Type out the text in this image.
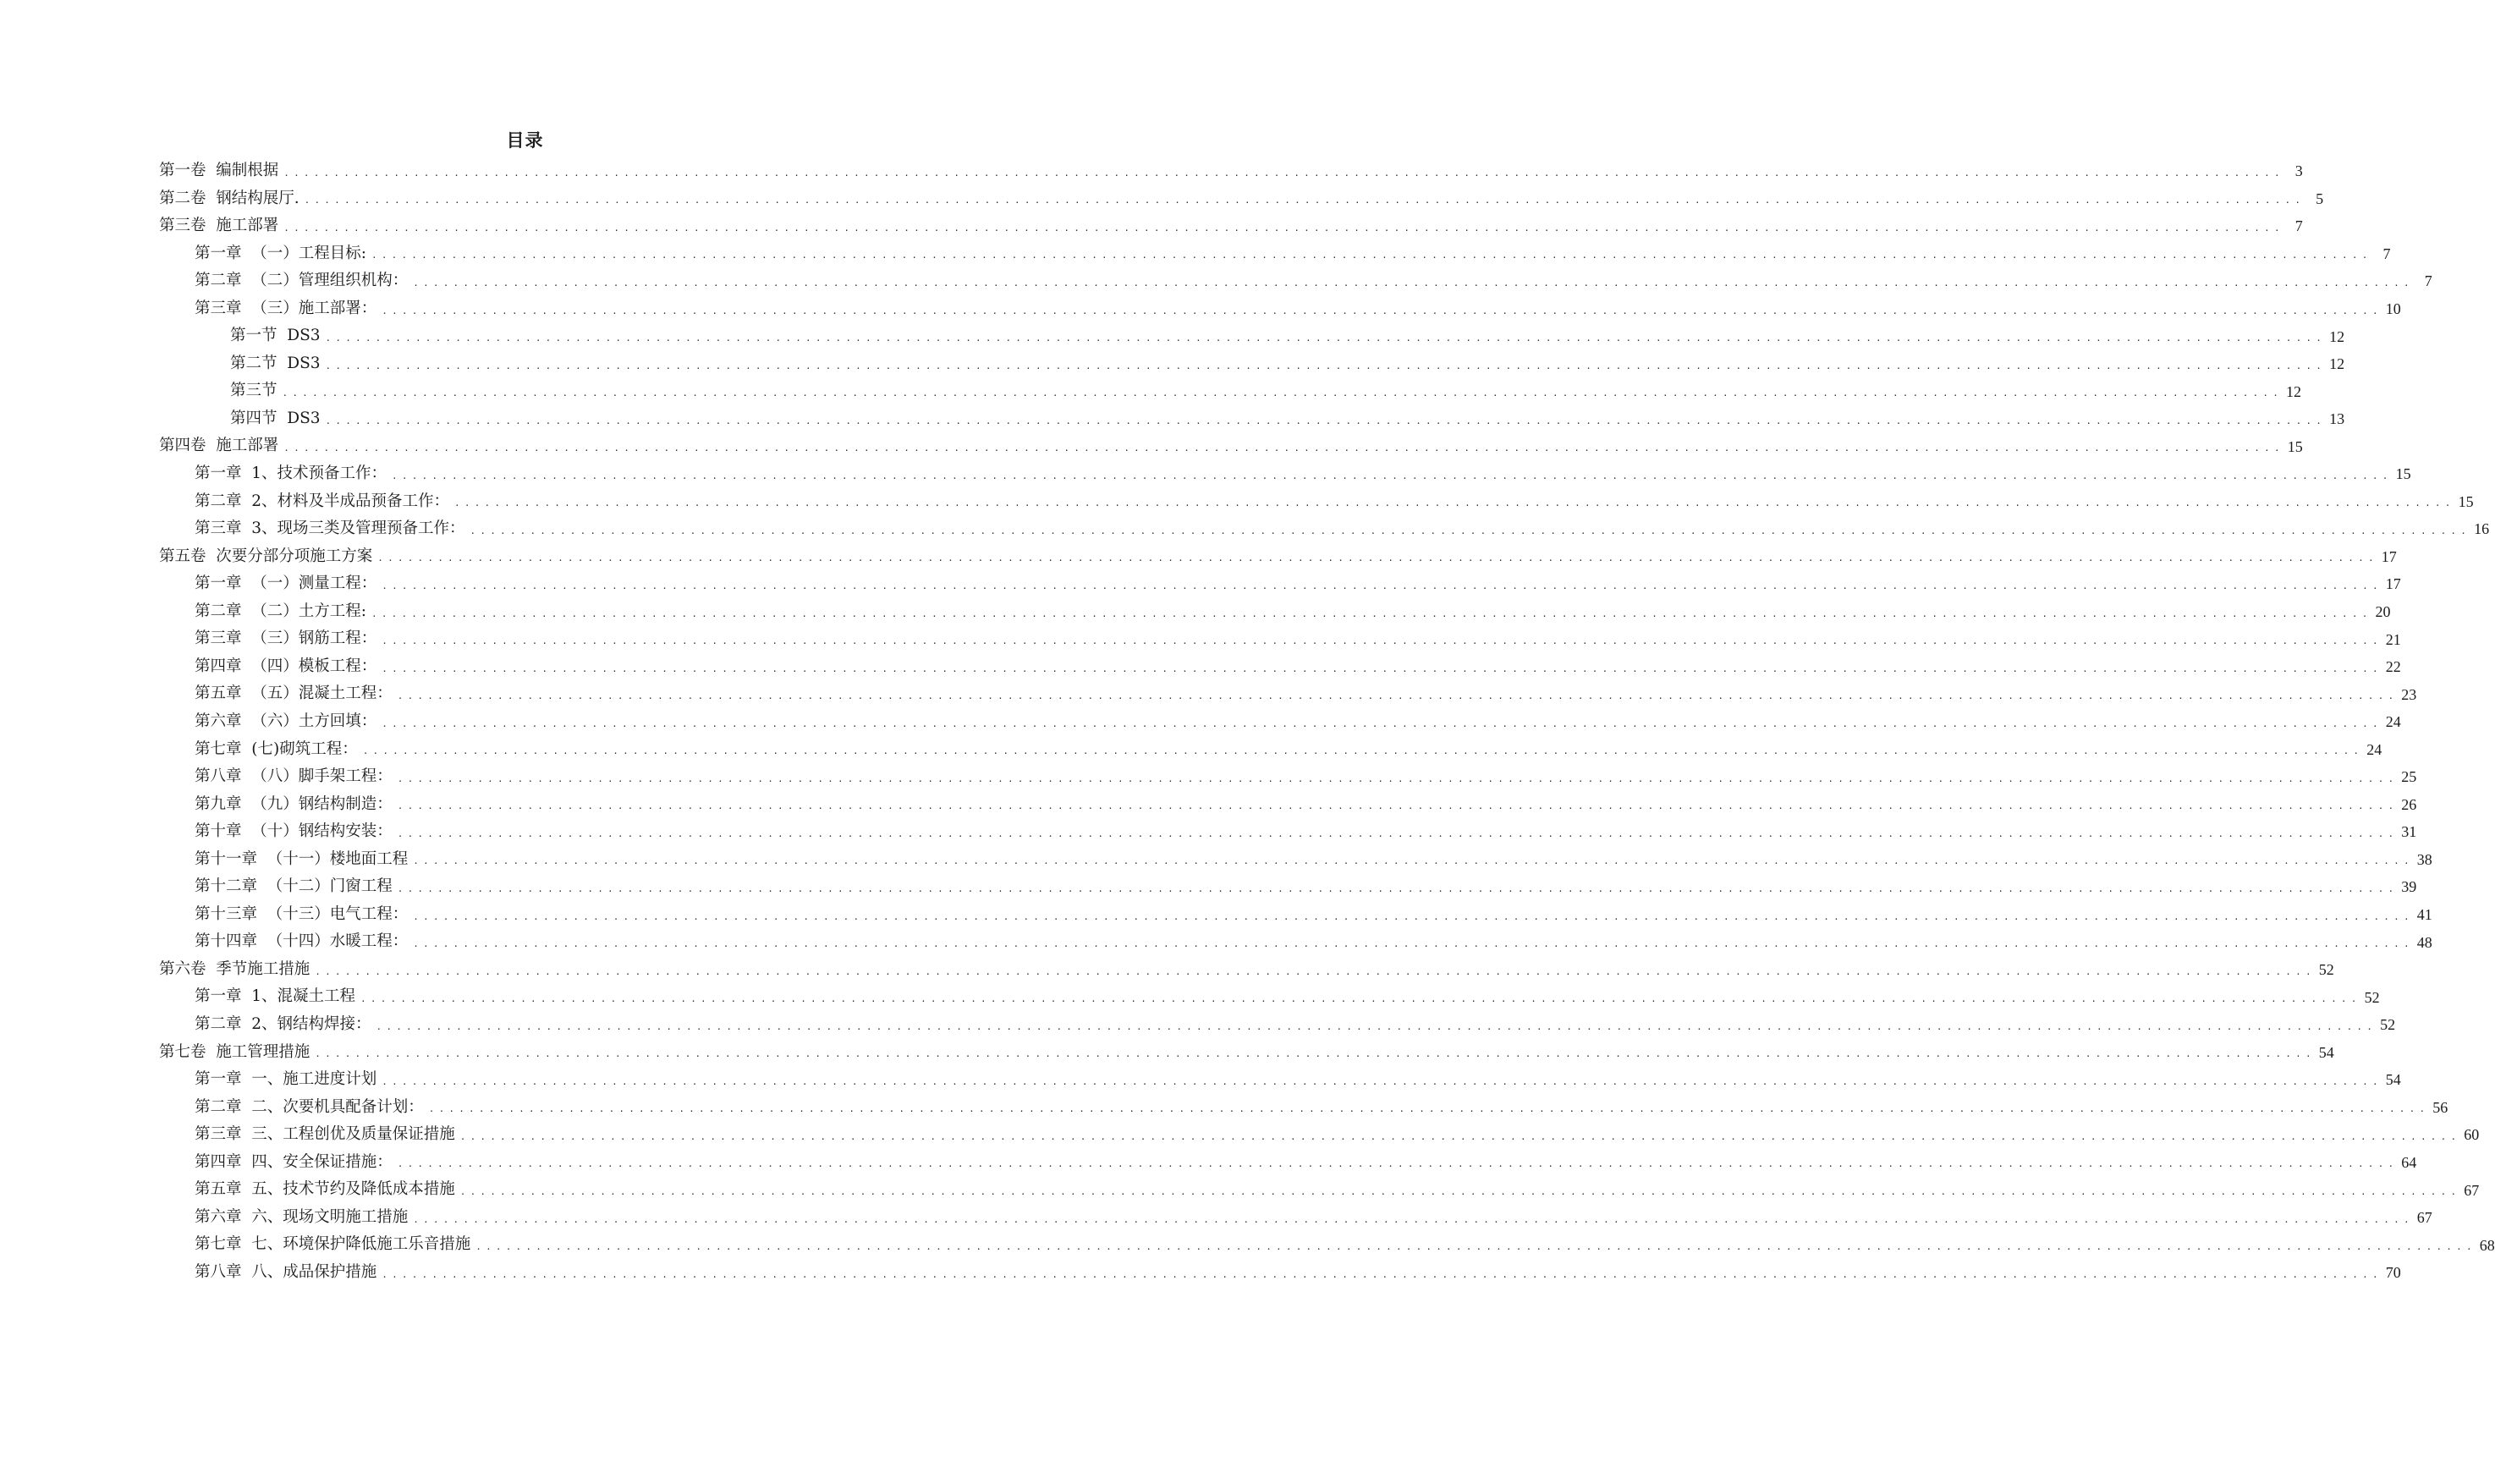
目录
第一卷  编制根据 ........................................................................................................................................................................................................ 3
第二卷  钢结构展厅. ........................................................................................................................................................................................................ 5
第三卷  施工部署 ........................................................................................................................................................................................................ 7
第一章  （一）工程目标: ........................................................................................................................................................................................................ 7
第二章  （二）管理组织机构： ........................................................................................................................................................................................................ 7
第三章  （三）施工部署： ........................................................................................................................................................................................................ 10
第一节  DS3 ........................................................................................................................................................................................................ 12
第二节  DS3 ........................................................................................................................................................................................................ 12
第三节 ........................................................................................................................................................................................................ 12
第四节  DS3 ........................................................................................................................................................................................................ 13
第四卷  施工部署 ........................................................................................................................................................................................................ 15
第一章  1、技术预备工作： ........................................................................................................................................................................................................ 15
第二章  2、材料及半成品预备工作： ........................................................................................................................................................................................................ 15
第三章  3、现场三类及管理预备工作： ........................................................................................................................................................................................................ 16
第五卷  次要分部分项施工方案 ........................................................................................................................................................................................................ 17
第一章  （一）测量工程： ........................................................................................................................................................................................................ 17
第二章  （二）土方工程: ........................................................................................................................................................................................................ 20
第三章  （三）钢筋工程： ........................................................................................................................................................................................................ 21
第四章  （四）模板工程： ........................................................................................................................................................................................................ 22
第五章  （五）混凝土工程： ........................................................................................................................................................................................................ 23
第六章  （六）土方回填： ........................................................................................................................................................................................................ 24
第七章  (七)砌筑工程： ........................................................................................................................................................................................................ 24
第八章  （八）脚手架工程： ........................................................................................................................................................................................................ 25
第九章  （九）钢结构制造： ........................................................................................................................................................................................................ 26
第十章  （十）钢结构安装： ........................................................................................................................................................................................................ 31
第十一章  （十一）楼地面工程 ........................................................................................................................................................................................................ 38
第十二章  （十二）门窗工程 ........................................................................................................................................................................................................ 39
第十三章  （十三）电气工程： ........................................................................................................................................................................................................ 41
第十四章  （十四）水暖工程： ........................................................................................................................................................................................................ 48
第六卷  季节施工措施 ........................................................................................................................................................................................................ 52
第一章  1、混凝土工程 ........................................................................................................................................................................................................ 52
第二章  2、钢结构焊接： ........................................................................................................................................................................................................ 52
第七卷  施工管理措施 ........................................................................................................................................................................................................ 54
第一章  一、施工进度计划 ........................................................................................................................................................................................................ 54
第二章  二、次要机具配备计划： ........................................................................................................................................................................................................ 56
第三章  三、工程创优及质量保证措施 ........................................................................................................................................................................................................ 60
第四章  四、安全保证措施： ........................................................................................................................................................................................................ 64
第五章  五、技术节约及降低成本措施 ........................................................................................................................................................................................................ 67
第六章  六、现场文明施工措施 ........................................................................................................................................................................................................ 67
第七章  七、环境保护降低施工乐音措施 ........................................................................................................................................................................................................ 68
第八章  八、成品保护措施 ........................................................................................................................................................................................................ 70
